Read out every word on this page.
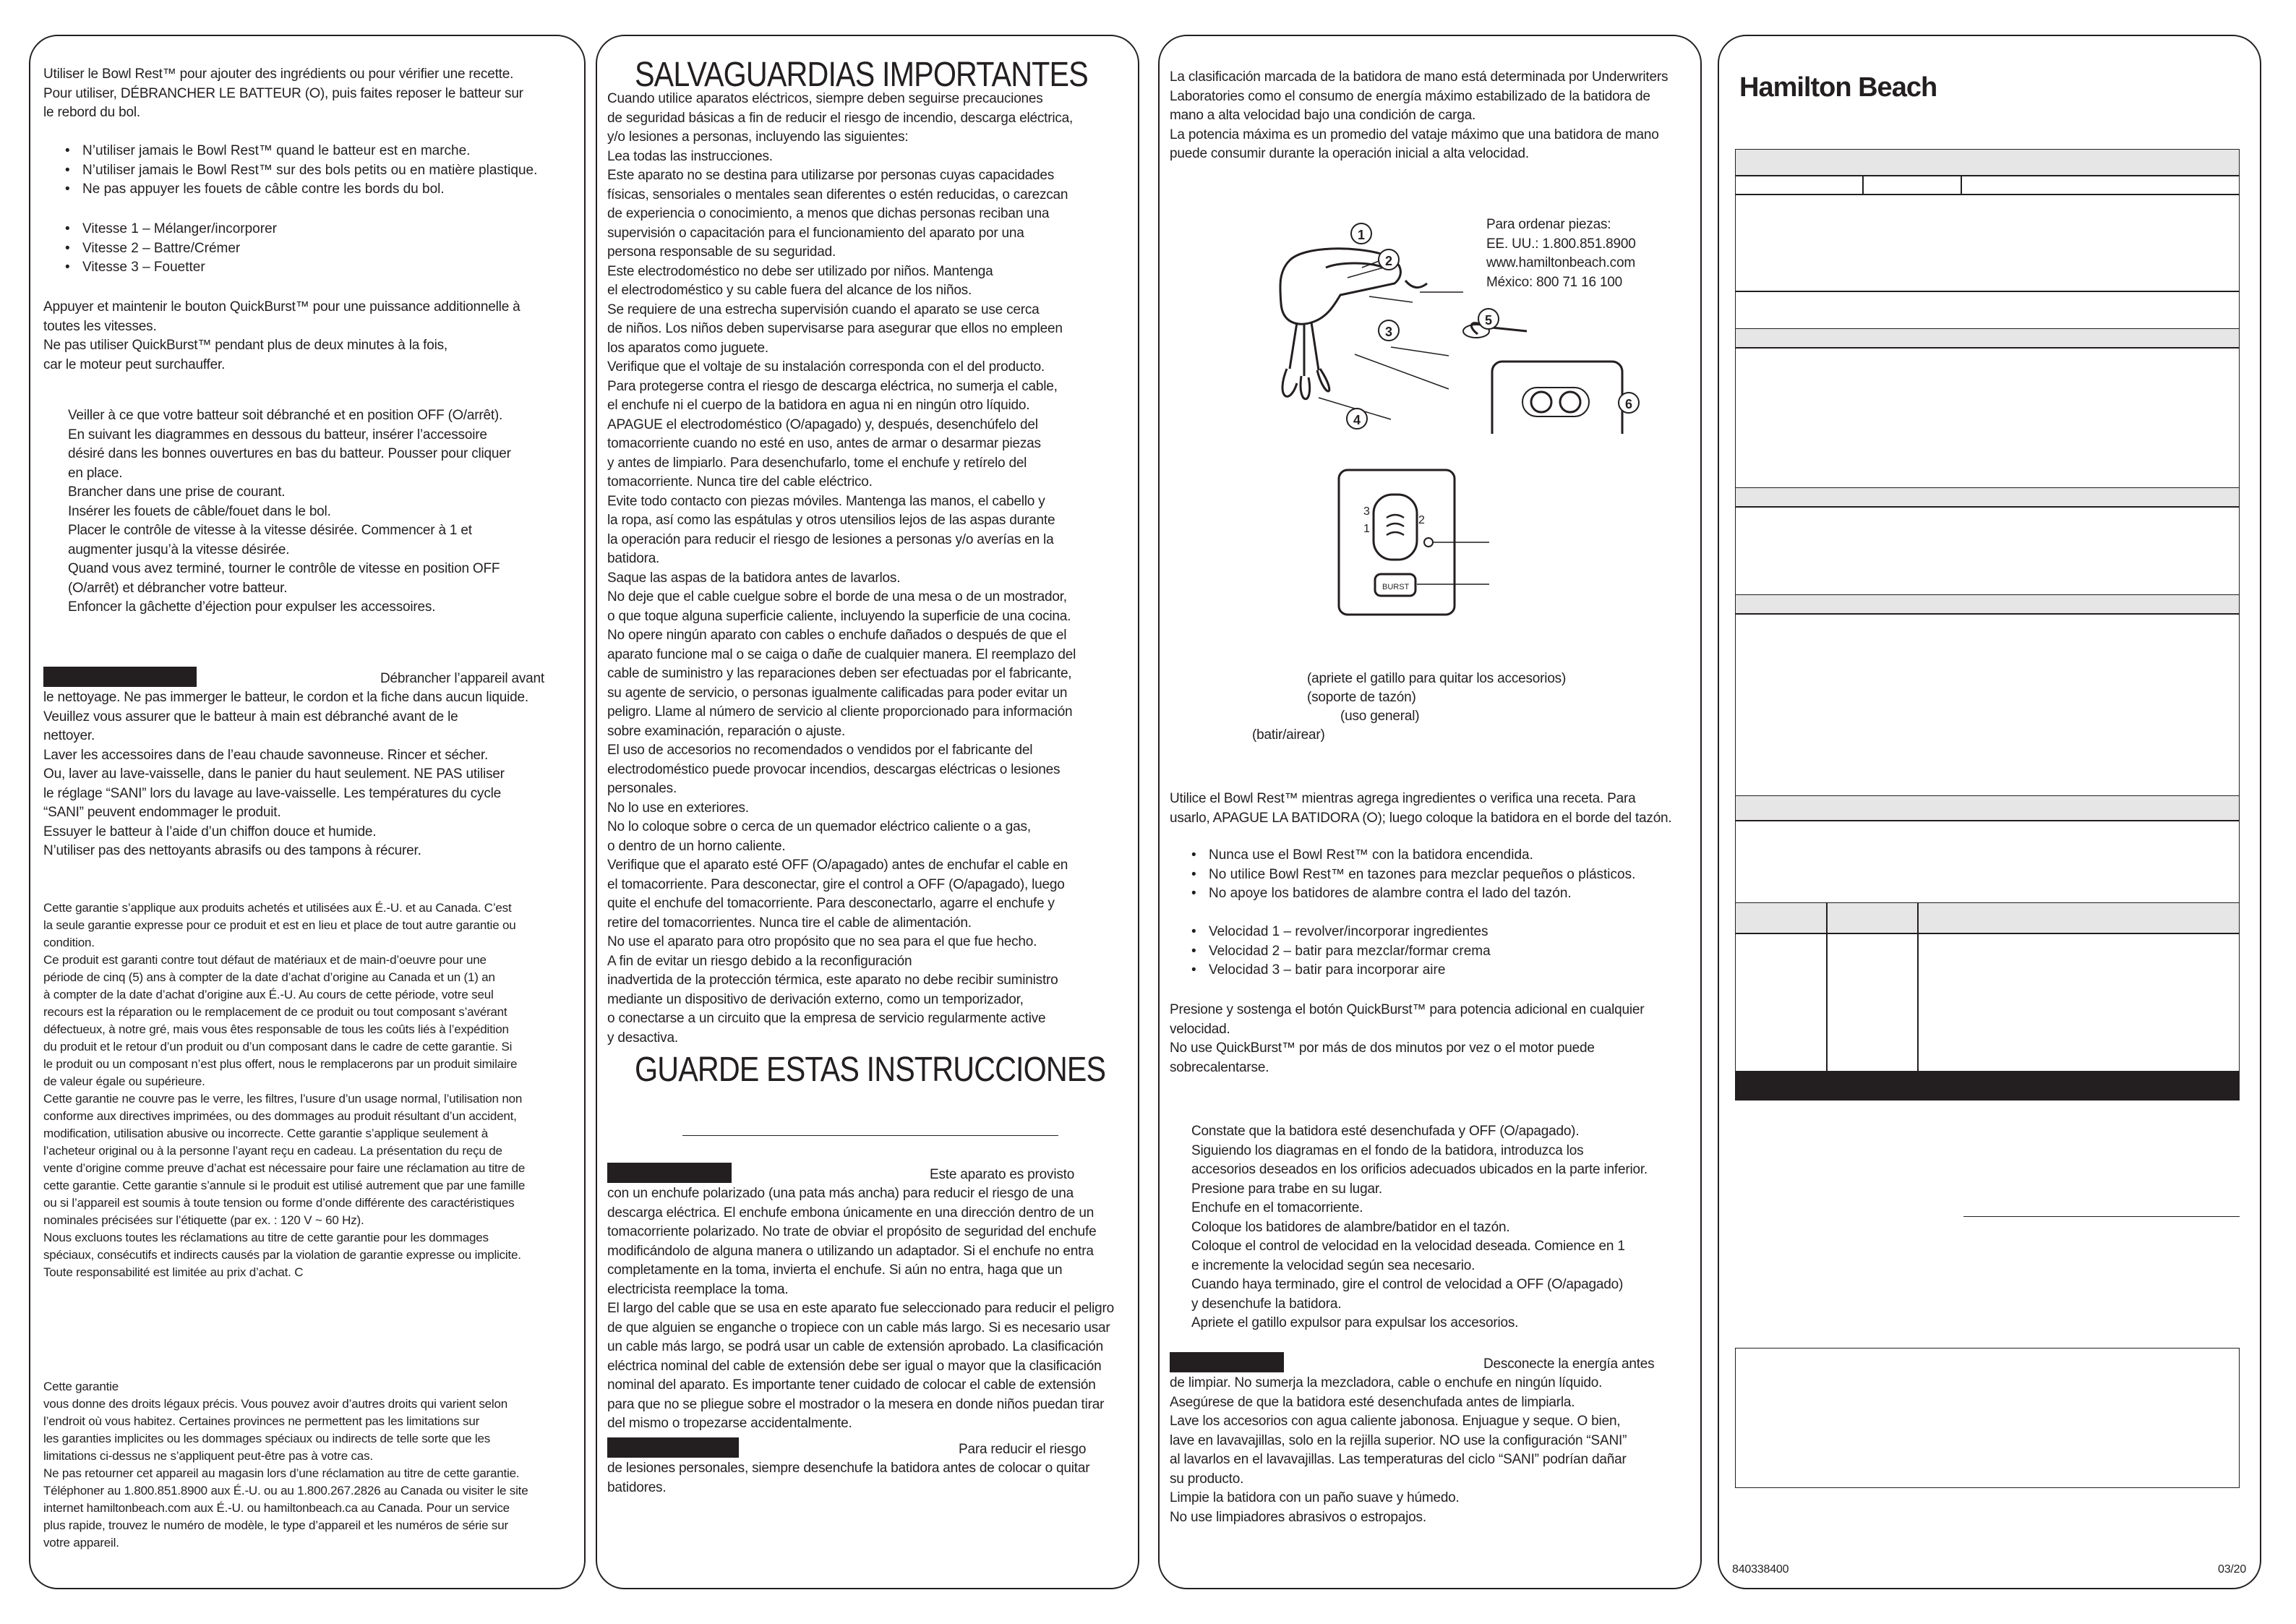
Utiliser le Bowl Rest™ pour ajouter des ingrédients ou pour vérifier une recette.
Pour utiliser, DÉBRANCHER LE BATTEUR (⭘), puis faites reposer le batteur sur
le rebord du bol.

• N’utiliser jamais le Bowl Rest™ quand le batteur est en marche.
• N’utiliser jamais le Bowl Rest™ sur des bols petits ou en matière plastique.
• Ne pas appuyer les fouets de câble contre les bords du bol.
• Vitesse 1 – Mélanger/incorporer
• Vitesse 2 – Battre/Crémer
• Vitesse 3 – Fouetter

Appuyer et maintenir le bouton QuickBurst™ pour une puissance additionnelle à
toutes les vitesses.
Ne pas utiliser QuickBurst™ pendant plus de deux minutes à la fois,
car le moteur peut surchauffer.

Veiller à ce que votre batteur soit débranché et en position OFF (⭘/arrêt).
En suivant les diagrammes en dessous du batteur, insérer l’accessoire
désiré dans les bonnes ouvertures en bas du batteur. Pousser pour cliquer
en place.
Brancher dans une prise de courant.
Insérer les fouets de câble/fouet dans le bol.
Placer le contrôle de vitesse à la vitesse désirée. Commencer à 1 et
augmenter jusqu’à la vitesse désirée.
Quand vous avez terminé, tourner le contrôle de vitesse en position OFF
(⭘/arrêt) et débrancher votre batteur.
Enfoncer la gâchette d’éjection pour expulser les accessoires.

Débrancher l’appareil avant

le nettoyage. Ne pas immerger le batteur, le cordon et la fiche dans aucun liquide.
Veuillez vous assurer que le batteur à main est débranché avant de le
nettoyer.
Laver les accessoires dans de l’eau chaude savonneuse. Rincer et sécher.
Ou, laver au lave-vaisselle, dans le panier du haut seulement. NE PAS utiliser
le réglage “SANI” lors du lavage au lave-vaisselle. Les températures du cycle
“SANI” peuvent endommager le produit.
Essuyer le batteur à l’aide d’un chiffon douce et humide.
N’utiliser pas des nettoyants abrasifs ou des tampons à récurer.

Cette garantie s’applique aux produits achetés et utilisées aux É.-U. et au Canada. C’est
la seule garantie expresse pour ce produit et est en lieu et place de tout autre garantie ou
condition.
Ce produit est garanti contre tout défaut de matériaux et de main-d’oeuvre pour une
période de cinq (5) ans à compter de la date d’achat d’origine au Canada et un (1) an
à compter de la date d’achat d’origine aux É.-U. Au cours de cette période, votre seul
recours est la réparation ou le remplacement de ce produit ou tout composant s’avérant
défectueux, à notre gré, mais vous êtes responsable de tous les coûts liés à l’expédition
du produit et le retour d’un produit ou d’un composant dans le cadre de cette garantie. Si
le produit ou un composant n’est plus offert, nous le remplacerons par un produit similaire
de valeur égale ou supérieure.
Cette garantie ne couvre pas le verre, les filtres, l’usure d’un usage normal, l’utilisation non
conforme aux directives imprimées, ou des dommages au produit résultant d’un accident,
modification, utilisation abusive ou incorrecte. Cette garantie s’applique seulement à
l’acheteur original ou à la personne l’ayant reçu en cadeau. La présentation du reçu de
vente d’origine comme preuve d’achat est nécessaire pour faire une réclamation au titre de
cette garantie. Cette garantie s’annule si le produit est utilisé autrement que par une famille
ou si l’appareil est soumis à toute tension ou forme d’onde différente des caractéristiques
nominales précisées sur l’étiquette (par ex. : 120 V ~ 60 Hz).
Nous excluons toutes les réclamations au titre de cette garantie pour les dommages
spéciaux, consécutifs et indirects causés par la violation de garantie expresse ou implicite.
Toute responsabilité est limitée au prix d’achat. C

Cette garantie
vous donne des droits légaux précis. Vous pouvez avoir d’autres droits qui varient selon
l’endroit où vous habitez. Certaines provinces ne permettent pas les limitations sur
les garanties implicites ou les dommages spéciaux ou indirects de telle sorte que les
limitations ci-dessus ne s’appliquent peut-être pas à votre cas.
Ne pas retourner cet appareil au magasin lors d’une réclamation au titre de cette garantie.
Téléphoner au 1.800.851.8900 aux É.-U. ou au 1.800.267.2826 au Canada ou visiter le site
internet hamiltonbeach.com aux É.-U. ou hamiltonbeach.ca au Canada. Pour un service
plus rapide, trouvez le numéro de modèle, le type d’appareil et les numéros de série sur
votre appareil.

SALVAGUARDIAS IMPORTANTES

Cuando utilice aparatos eléctricos, siempre deben seguirse precauciones
de seguridad básicas a fin de reducir el riesgo de incendio, descarga eléctrica,
y/o lesiones a personas, incluyendo las siguientes:
Lea todas las instrucciones.
Este aparato no se destina para utilizarse por personas cuyas capacidades
físicas, sensoriales o mentales sean diferentes o estén reducidas, o carezcan
de experiencia o conocimiento, a menos que dichas personas reciban una
supervisión o capacitación para el funcionamiento del aparato por una
persona responsable de su seguridad.
Este electrodoméstico no debe ser utilizado por niños. Mantenga
el electrodoméstico y su cable fuera del alcance de los niños.
Se requiere de una estrecha supervisión cuando el aparato se use cerca
de niños. Los niños deben supervisarse para asegurar que ellos no empleen
los aparatos como juguete.
Verifique que el voltaje de su instalación corresponda con el del producto.
Para protegerse contra el riesgo de descarga eléctrica, no sumerja el cable,
el enchufe ni el cuerpo de la batidora en agua ni en ningún otro líquido.
APAGUE el electrodoméstico (⭘/apagado) y, después, desenchúfelo del
tomacorriente cuando no esté en uso, antes de armar o desarmar piezas
y antes de limpiarlo. Para desenchufarlo, tome el enchufe y retírelo del
tomacorriente. Nunca tire del cable eléctrico.
Evite todo contacto con piezas móviles. Mantenga las manos, el cabello y
la ropa, así como las espátulas y otros utensilios lejos de las aspas durante
la operación para reducir el riesgo de lesiones a personas y/o averías en la
batidora.
Saque las aspas de la batidora antes de lavarlos.
No deje que el cable cuelgue sobre el borde de una mesa o de un mostrador,
o que toque alguna superficie caliente, incluyendo la superficie de una cocina.
No opere ningún aparato con cables o enchufe dañados o después de que el
aparato funcione mal o se caiga o dañe de cualquier manera. El reemplazo del
cable de suministro y las reparaciones deben ser efectuadas por el fabricante,
su agente de servicio, o personas igualmente calificadas para poder evitar un
peligro. Llame al número de servicio al cliente proporcionado para información
sobre examinación, reparación o ajuste.
El uso de accesorios no recomendados o vendidos por el fabricante del
electrodoméstico puede provocar incendios, descargas eléctricas o lesiones
personales.
No lo use en exteriores.
No lo coloque sobre o cerca de un quemador eléctrico caliente o a gas,
o dentro de un horno caliente.
Verifique que el aparato esté OFF (⭘/apagado) antes de enchufar el cable en
el tomacorriente. Para desconectar, gire el control a OFF (⭘/apagado), luego
quite el enchufe del tomacorriente. Para desconectarlo, agarre el enchufe y
retire del tomacorrientes. Nunca tire el cable de alimentación.
No use el aparato para otro propósito que no sea para el que fue hecho.
A fin de evitar un riesgo debido a la reconfiguración
inadvertida de la protección térmica, este aparato no debe recibir suministro
mediante un dispositivo de derivación externo, como un temporizador,
o conectarse a un circuito que la empresa de servicio regularmente active
y desactiva.

GUARDE ESTAS INSTRUCCIONES

Este aparato es provisto

con un enchufe polarizado (una pata más ancha) para reducir el riesgo de una
descarga eléctrica. El enchufe embona únicamente en una dirección dentro de un
tomacorriente polarizado. No trate de obviar el propósito de seguridad del enchufe
modificándolo de alguna manera o utilizando un adaptador. Si el enchufe no entra
completamente en la toma, invierta el enchufe. Si aún no entra, haga que un
electricista reemplace la toma.
El largo del cable que se usa en este aparato fue seleccionado para reducir el peligro
de que alguien se enganche o tropiece con un cable más largo. Si es necesario usar
un cable más largo, se podrá usar un cable de extensión aprobado. La clasificación
eléctrica nominal del cable de extensión debe ser igual o mayor que la clasificación
nominal del aparato. Es importante tener cuidado de colocar el cable de extensión
para que no se pliegue sobre el mostrador o la mesera en donde niños puedan tirar
del mismo o tropezarse accidentalmente.

Para reducir el riesgo

de lesiones personales, siempre desenchufe la batidora antes de colocar o quitar
batidores.

La clasificación marcada de la batidora de mano está determinada por Underwriters
Laboratories como el consumo de energía máximo estabilizado de la batidora de
mano a alta velocidad bajo una condición de carga.
La potencia máxima es un promedio del vataje máximo que una batidora de mano
puede consumir durante la operación inicial a alta velocidad.

Para ordenar piezas:
EE. UU.: 1.800.851.8900
www.hamiltonbeach.com
México: 800 71 16 100

1
2
3
4
5
6
3
1
2
BURST

(apriete el gatillo para quitar los accesorios)

(soporte de tazón)

(uso general)

(batir/airear)

Utilice el Bowl Rest™ mientras agrega ingredientes o verifica una receta. Para
usarlo, APAGUE LA BATIDORA (⭘); luego coloque la batidora en el borde del tazón.

• Nunca use el Bowl Rest™ con la batidora encendida.
• No utilice Bowl Rest™ en tazones para mezclar pequeños o plásticos.
• No apoye los batidores de alambre contra el lado del tazón.
• Velocidad 1 – revolver/incorporar ingredientes
• Velocidad 2 – batir para mezclar/formar crema
• Velocidad 3 – batir para incorporar aire

Presione y sostenga el botón QuickBurst™ para potencia adicional en cualquier
velocidad.
No use QuickBurst™ por más de dos minutos por vez o el motor puede
sobrecalentarse.

Constate que la batidora esté desenchufada y OFF (⭘/apagado).
Siguiendo los diagramas en el fondo de la batidora, introduzca los
accesorios deseados en los orificios adecuados ubicados en la parte inferior.
Presione para trabe en su lugar.
Enchufe en el tomacorriente.
Coloque los batidores de alambre/batidor en el tazón.
Coloque el control de velocidad en la velocidad deseada. Comience en 1
e incremente la velocidad según sea necesario.
Cuando haya terminado, gire el control de velocidad a OFF (⭘/apagado)
y desenchufe la batidora.
Apriete el gatillo expulsor para expulsar los accesorios.

Desconecte la energía antes

de limpiar. No sumerja la mezcladora, cable o enchufe en ningún líquido.
Asegúrese de que la batidora esté desenchufada antes de limpiarla.
Lave los accesorios con agua caliente jabonosa. Enjuague y seque. O bien,
lave en lavavajillas, solo en la rejilla superior. NO use la configuración “SANI”
al lavarlos en el lavavajillas. Las temperaturas del ciclo “SANI” podrían dañar
su producto.
Limpie la batidora con un paño suave y húmedo.
No use limpiadores abrasivos o estropajos.

Hamilton Beach
840338400	03/20
